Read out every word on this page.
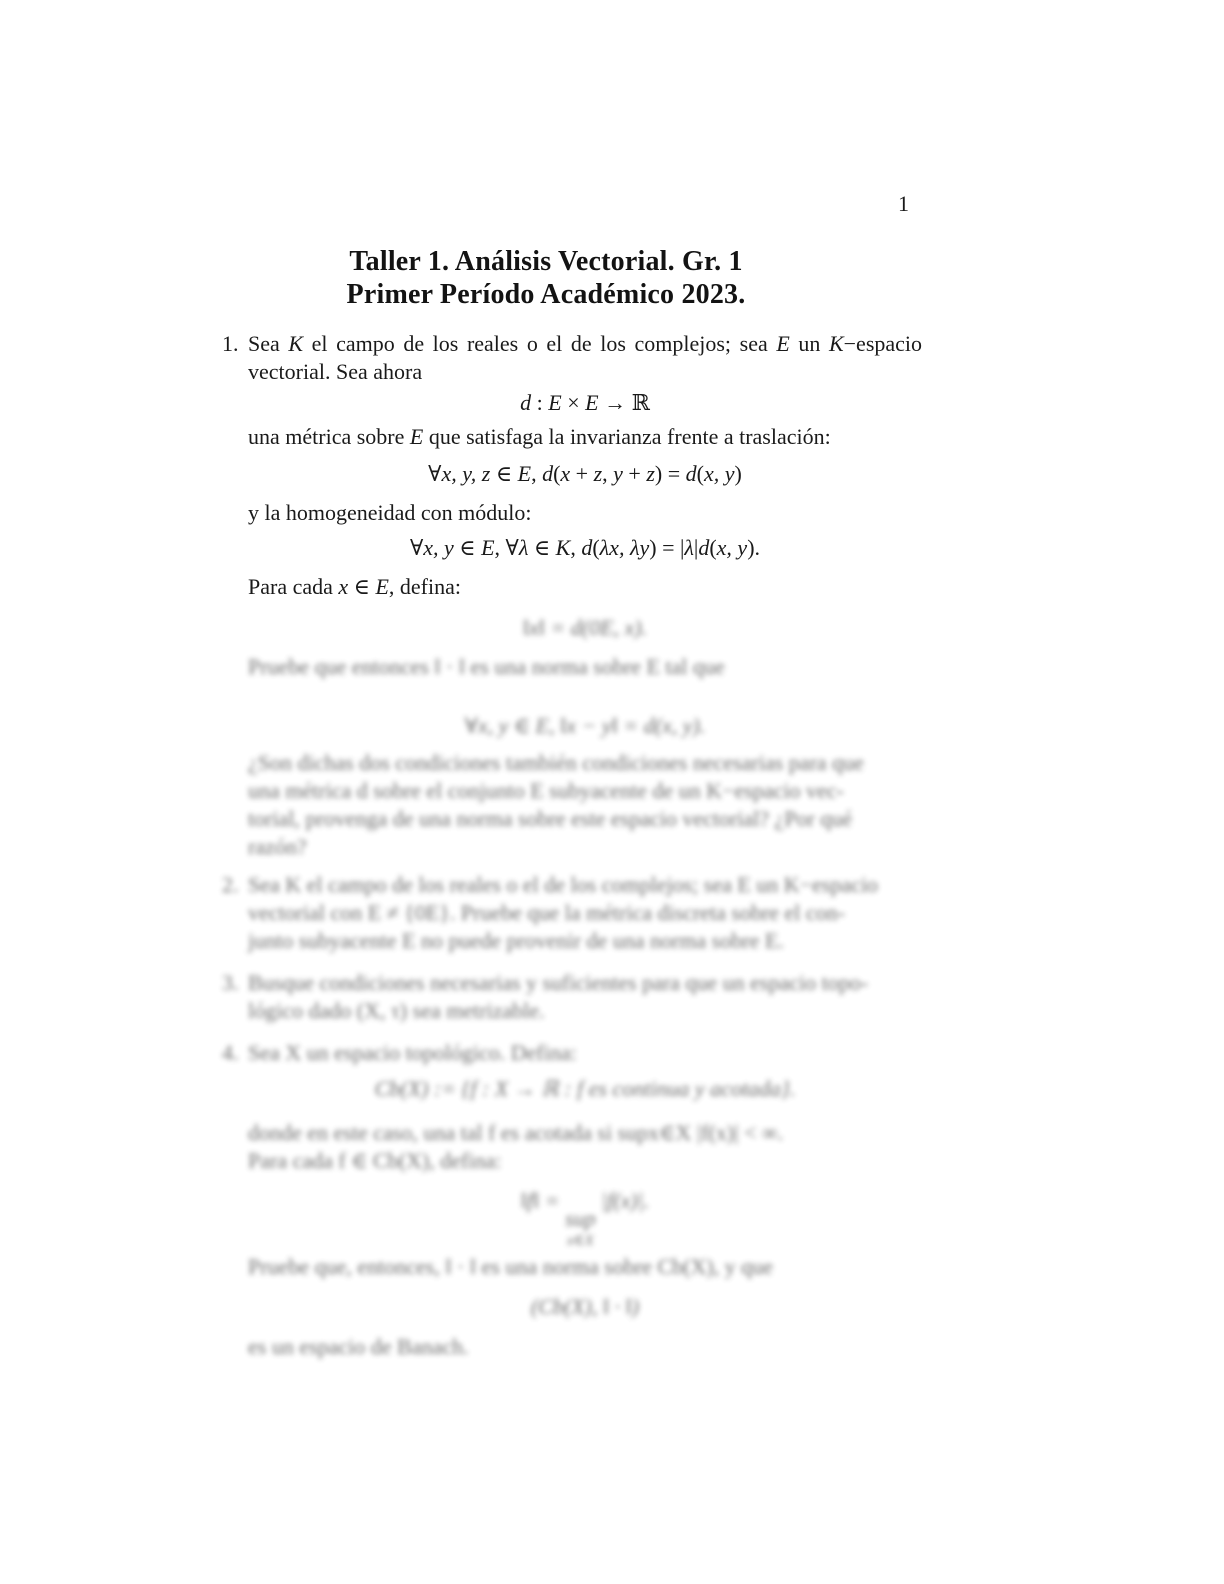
1
Taller 1. Análisis Vectorial. Gr. 1
Primer Período Académico 2023.
1. Sea K el campo de los reales o el de los complejos; sea E un K−espacio vectorial. Sea ahora

d : E × E → ℝ

una métrica sobre E que satisfaga la invarianza frente a traslación:

∀x, y, z ∈ E, d(x + z, y + z) = d(x, y)

y la homogeneidad con módulo:

∀x, y ∈ E, ∀λ ∈ K, d(λx, λy) = |λ|d(x, y).

Para cada x ∈ E, defina:

‖x‖ = d(0E, x).

Pruebe que entonces ‖ · ‖ es una norma sobre E tal que

∀x, y ∈ E, ‖x − y‖ = d(x, y).

¿Son dichas dos condiciones también condiciones necesarias para que
una métrica d sobre el conjunto E subyacente de un K−espacio vec-
torial, provenga de una norma sobre este espacio vectorial? ¿Por qué
razón?

2. Sea K el campo de los reales o el de los complejos; sea E un K−espacio
vectorial con E ≠ {0E}. Pruebe que la métrica discreta sobre el con-
junto subyacente E no puede provenir de una norma sobre E.

3. Busque condiciones necesarias y suficientes para que un espacio topo-
lógico dado (X, τ) sea metrizable.

4. Sea X un espacio topológico. Defina:

Cb(X) := {f : X → ℝ : f es continua y acotada}.

donde en este caso, una tal f es acotada si supx∈X |f(x)| < ∞.
Para cada f ∈ Cb(X), defina:

‖f‖ =
sup
x∈X
|f(x)|.

Pruebe que, entonces, ‖ · ‖ es una norma sobre Cb(X), y que

(Cb(X), ‖ · ‖)

es un espacio de Banach.
